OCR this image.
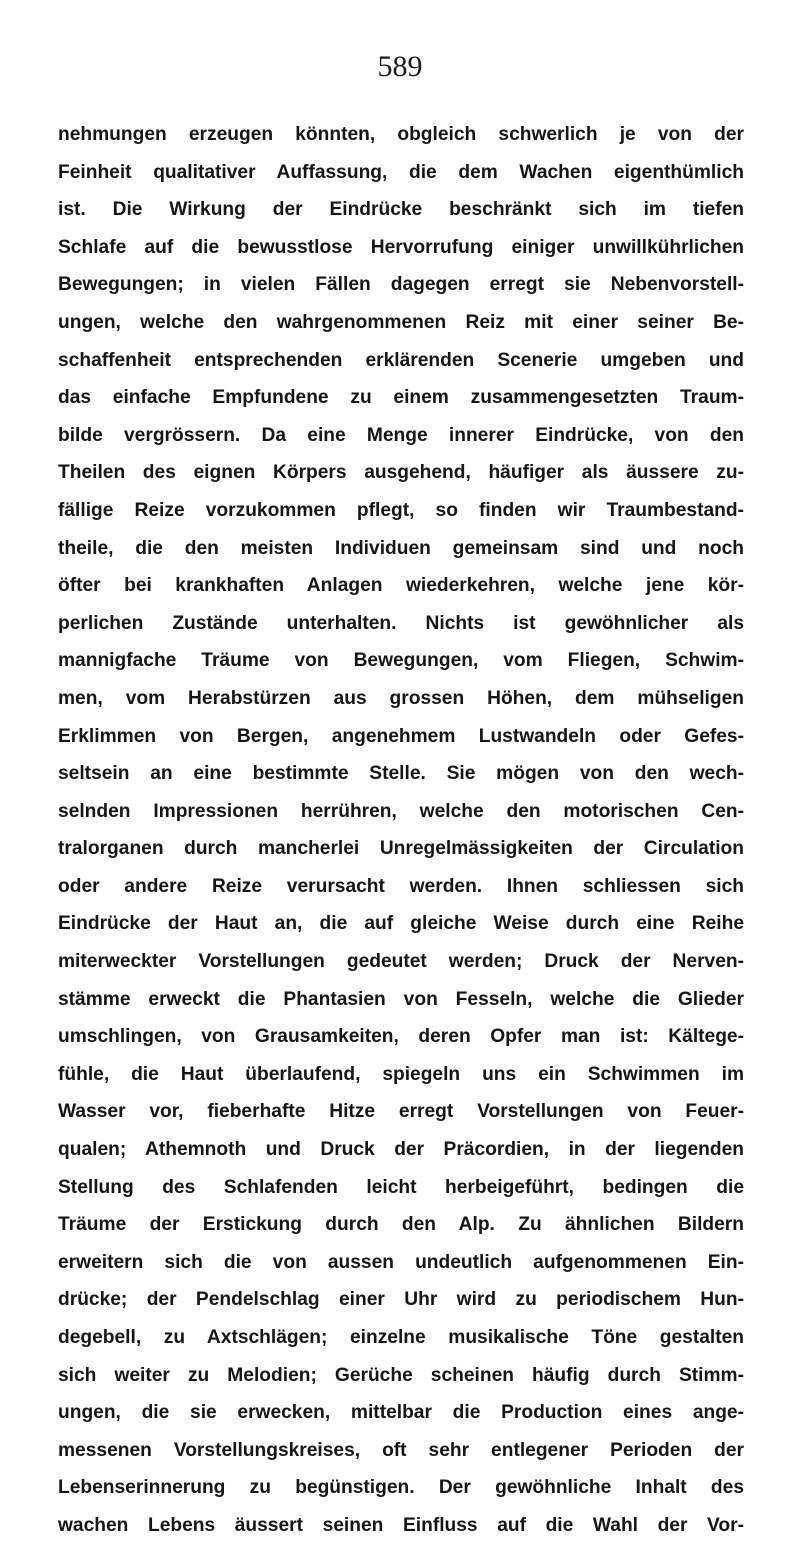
589
nehmungen erzeugen könnten, obgleich schwerlich je von der
Feinheit qualitativer Auffassung, die dem Wachen eigenthümlich
ist. Die Wirkung der Eindrücke beschränkt sich im tiefen
Schlafe auf die bewusstlose Hervorrufung einiger unwillkührlichen
Bewegungen; in vielen Fällen dagegen erregt sie Nebenvorstell-
ungen, welche den wahrgenommenen Reiz mit einer seiner Be-
schaffenheit entsprechenden erklärenden Scenerie umgeben und
das einfache Empfundene zu einem zusammengesetzten Traum-
bilde vergrössern. Da eine Menge innerer Eindrücke, von den
Theilen des eignen Körpers ausgehend, häufiger als äussere zu-
fällige Reize vorzukommen pflegt, so finden wir Traumbestand-
theile, die den meisten Individuen gemeinsam sind und noch
öfter bei krankhaften Anlagen wiederkehren, welche jene kör-
perlichen Zustände unterhalten. Nichts ist gewöhnlicher als
mannigfache Träume von Bewegungen, vom Fliegen, Schwim-
men, vom Herabstürzen aus grossen Höhen, dem mühseligen
Erklimmen von Bergen, angenehmem Lustwandeln oder Gefes-
seltsein an eine bestimmte Stelle. Sie mögen von den wech-
selnden Impressionen herrühren, welche den motorischen Cen-
tralorganen durch mancherlei Unregelmässigkeiten der Circulation
oder andere Reize verursacht werden. Ihnen schliessen sich
Eindrücke der Haut an, die auf gleiche Weise durch eine Reihe
miterweckter Vorstellungen gedeutet werden; Druck der Nerven-
stämme erweckt die Phantasien von Fesseln, welche die Glieder
umschlingen, von Grausamkeiten, deren Opfer man ist: Kältege-
fühle, die Haut überlaufend, spiegeln uns ein Schwimmen im
Wasser vor, fieberhafte Hitze erregt Vorstellungen von Feuer-
qualen; Athemnoth und Druck der Präcordien, in der liegenden
Stellung des Schlafenden leicht herbeigeführt, bedingen die
Träume der Erstickung durch den Alp. Zu ähnlichen Bildern
erweitern sich die von aussen undeutlich aufgenommenen Ein-
drücke; der Pendelschlag einer Uhr wird zu periodischem Hun-
degebell, zu Axtschlägen; einzelne musikalische Töne gestalten
sich weiter zu Melodien; Gerüche scheinen häufig durch Stimm-
ungen, die sie erwecken, mittelbar die Production eines ange-
messenen Vorstellungskreises, oft sehr entlegener Perioden der
Lebenserinnerung zu begünstigen. Der gewöhnliche Inhalt des
wachen Lebens äussert seinen Einfluss auf die Wahl der Vor-
